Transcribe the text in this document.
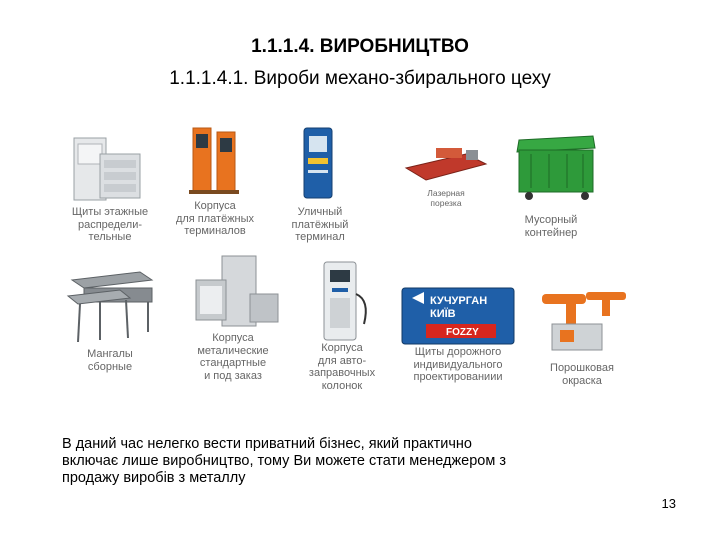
1.1.1.4. ВИРОБНИЦТВО
1.1.1.4.1. Вироби механо-збирального цеху
Щиты этажные
распредели-
тельные
Корпуса
для платёжных
терминалов
Уличный
платёжный
терминал
Лазерная
порезка
Мусорный
контейнер
Мангалы
сборные
Корпуса
металические
стандартные
и под заказ
Корпуса
для авто-
заправочных
колонок
КУЧУРГАН
КИЇВ
FOZZY
Щиты дорожного
индивидуального
проектированиии
Порошковая
окраска
В даний час нелегко вести приватний бізнес, який практично
включає лише виробництво, тому Ви можете стати менеджером з
продажу виробів з металлу
13
